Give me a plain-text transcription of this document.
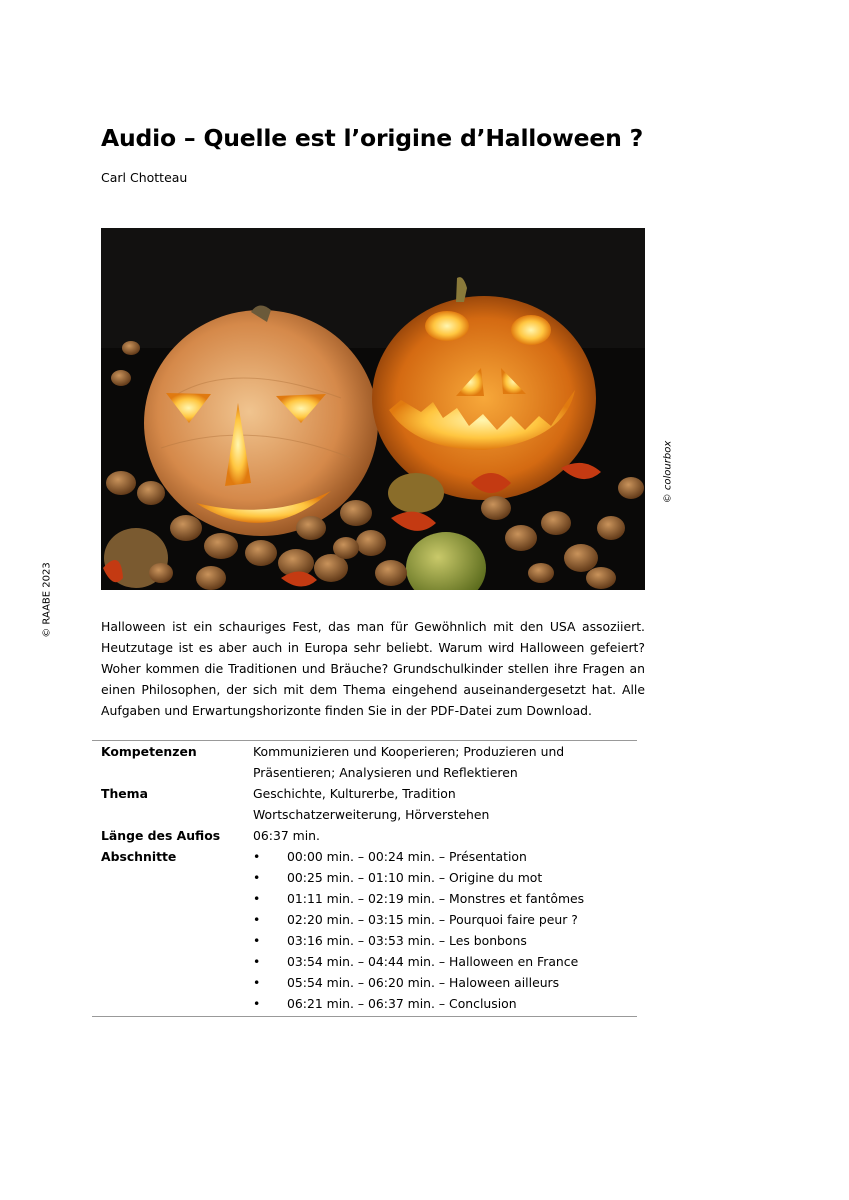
Audio – Quelle est l’origine d’Halloween ?
Carl Chotteau
© colourbox
© RAABE 2023	Halloween ist ein schauriges Fest, das man für Gewöhnlich mit den USA assoziiert. Heutzutage ist es aber auch in Europa sehr beliebt. Warum wird Halloween gefeiert? Woher kommen die Traditionen und Bräuche? Grundschulkinder stellen ihre Fragen an einen Philosophen, der sich mit dem Thema eingehend auseinandergesetzt hat. Alle Aufgaben und Erwartungshorizonte finden Sie in der PDF-Datei zum Download.
Kompetenzen	Kommunizieren und Kooperieren; Produzieren und
Präsentieren; Analysieren und Reflektieren
Thema	Geschichte, Kulturerbe, Tradition
Wortschatzerweiterung, Hörverstehen
Länge des Aufios	06:37 min.
Abschnitte
•	00:00 min. – 00:24 min. – Présentation
• 00:25 min. – 01:10 min. – Origine du mot
• 01:11 min. – 02:19 min. – Monstres et fantômes
• 02:20 min. – 03:15 min. – Pourquoi faire peur ?
• 03:16 min. – 03:53 min. – Les bonbons
• 03:54 min. – 04:44 min. – Halloween en France
• 05:54 min. – 06:20 min. – Haloween ailleurs
• 06:21 min. – 06:37 min. – Conclusion
